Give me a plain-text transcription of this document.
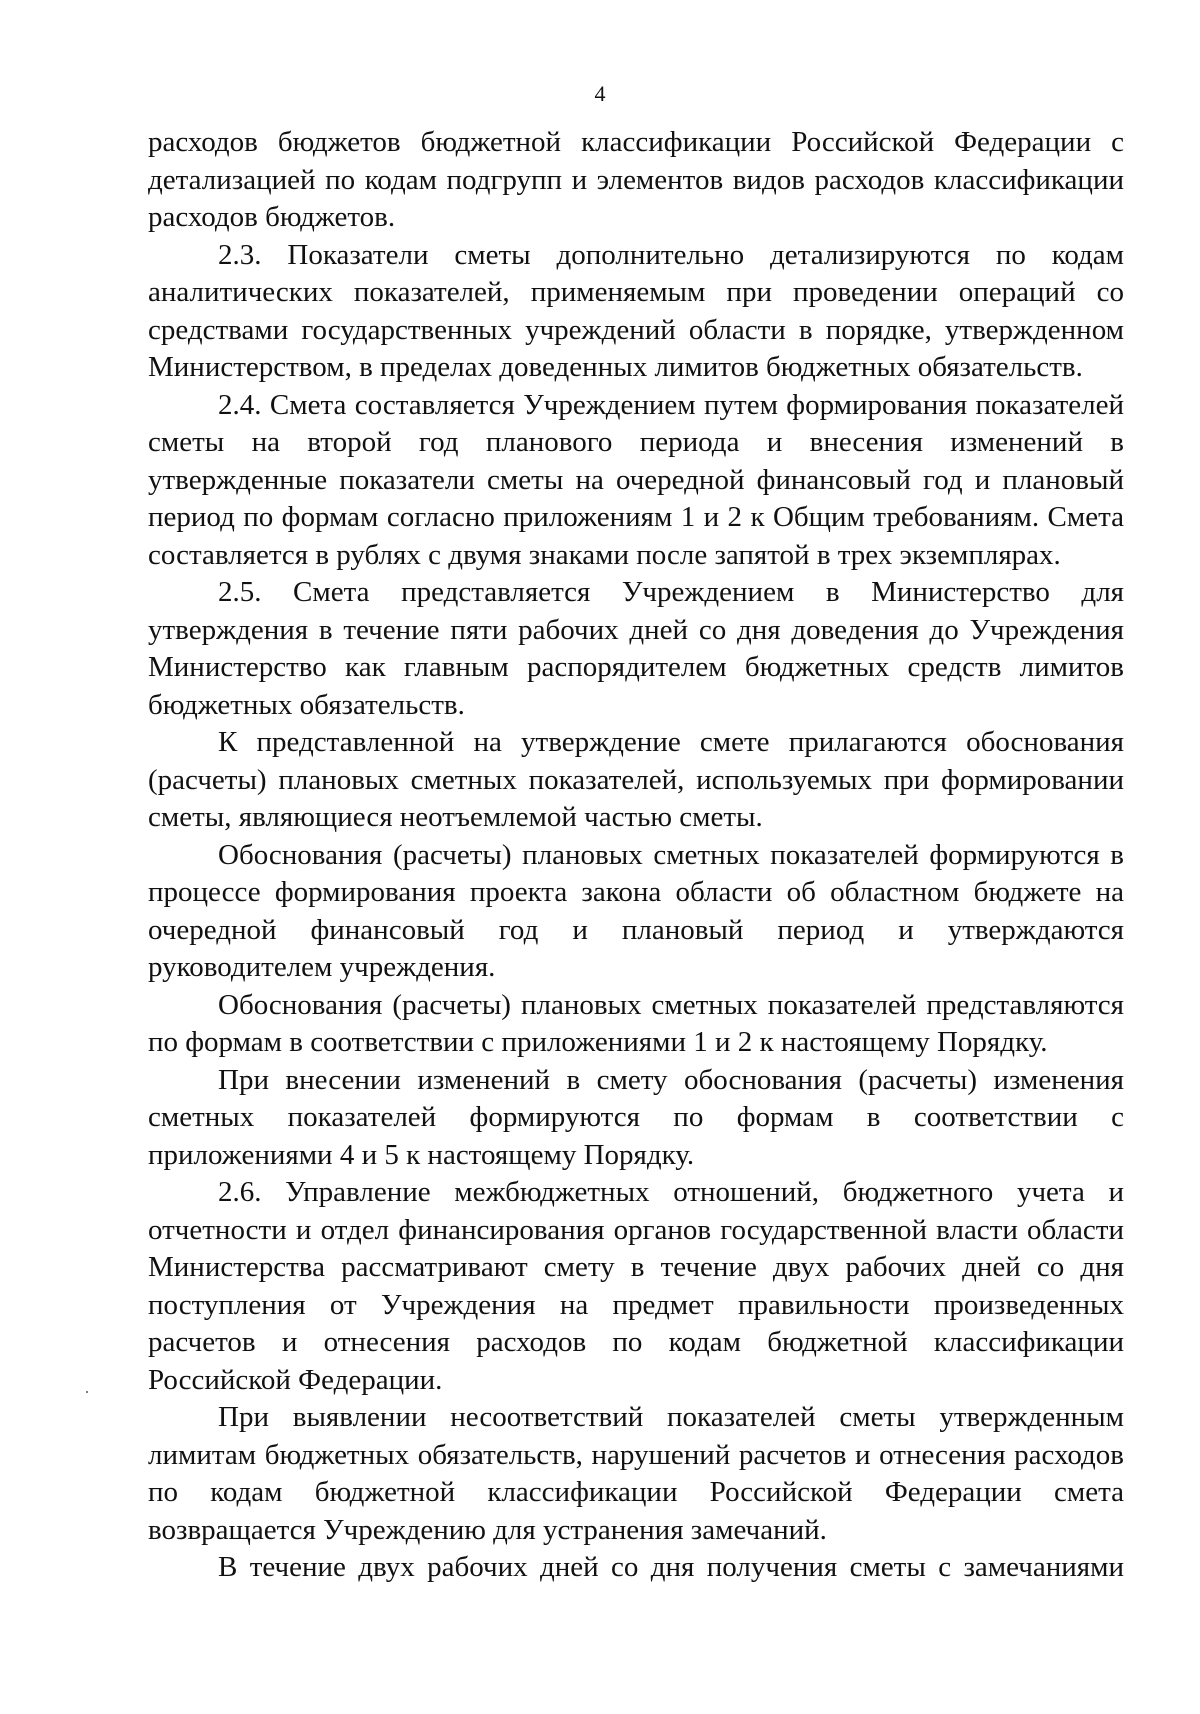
4

расходов бюджетов бюджетной классификации Российской Федерации с детализацией по кодам подгрупп и элементов видов расходов классификации расходов бюджетов.

2.3. Показатели сметы дополнительно детализируются по кодам аналитических показателей, применяемым при проведении операций со средствами государственных учреждений области в порядке, утвержденном Министерством, в пределах доведенных лимитов бюджетных обязательств.

2.4. Смета составляется Учреждением путем формирования показателей сметы на второй год планового периода и внесения изменений в утвержденные показатели сметы на очередной финансовый год и плановый период по формам согласно приложениям 1 и 2 к Общим требованиям. Смета составляется в рублях с двумя знаками после запятой в трех экземплярах.

2.5. Смета представляется Учреждением в Министерство для утверждения в течение пяти рабочих дней со дня доведения до Учреждения Министерство как главным распорядителем бюджетных средств лимитов бюджетных обязательств.

К представленной на утверждение смете прилагаются обоснования (расчеты) плановых сметных показателей, используемых при формировании сметы, являющиеся неотъемлемой частью сметы.

Обоснования (расчеты) плановых сметных показателей формируются в процессе формирования проекта закона области об областном бюджете на очередной финансовый год и плановый период и утверждаются руководителем учреждения.

Обоснования (расчеты) плановых сметных показателей представляются по формам в соответствии с приложениями 1 и 2 к настоящему Порядку.

При внесении изменений в смету обоснования (расчеты) изменения сметных показателей формируются по формам в соответствии с приложениями 4 и 5 к настоящему Порядку.

2.6. Управление межбюджетных отношений, бюджетного учета и отчетности и отдел финансирования органов государственной власти области Министерства рассматривают смету в течение двух рабочих дней со дня поступления от Учреждения на предмет правильности произведенных расчетов и отнесения расходов по кодам бюджетной классификации Российской Федерации.

При выявлении несоответствий показателей сметы утвержденным лимитам бюджетных обязательств, нарушений расчетов и отнесения расходов по кодам бюджетной классификации Российской Федерации смета возвращается Учреждению для устранения замечаний.

В течение двух рабочих дней со дня получения сметы с замечаниями
